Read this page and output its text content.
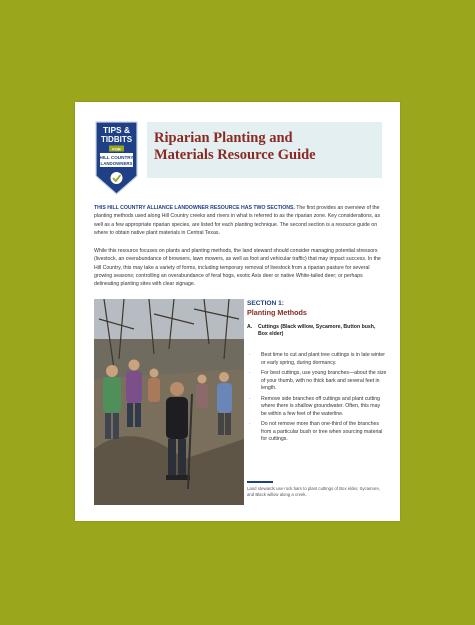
TIPS &
TIDBITS
FOR
HILL COUNTRY
LANDOWNERS
Riparian Planting and
Materials Resource Guide
THIS HILL COUNTRY ALLIANCE LANDOWNER RESOURCE HAS TWO SECTIONS. The first provides an overview of the planting methods used along Hill Country creeks and rivers in what is referred to as the riparian zone. Key considerations, as well as a few appropriate riparian species, are listed for each planting technique. The second section is a resource guide on where to obtain native plant materials in Central Texas.
While this resource focuses on plants and planting methods, the land steward should consider managing potential stressors (livestock, an overabundance of browsers, lawn mowers, as well as foot and vehicular traffic) that may impact success. In the Hill Country, this may take a variety of forms, including temporary removal of livestock from a riparian pasture for several growing seasons; controlling an overabundance of feral hogs, exotic Axis deer or native White-tailed deer; or perhaps delineating planting sites with clear signage.
SECTION 1:
Planting Methods
A. Cuttings (Black willow, Sycamore, Button bush, Box elder)
· Best time to cut and plant tree cuttings is in late winter or early spring, during dormancy.
· For best cuttings, use young branches—about the size of your thumb, with no thick bark and several feet in length.
· Remove side branches off cuttings and plant cutting where there is shallow groundwater. Often, this may be within a few feet of the waterline.
· Do not remove more than one-third of the branches from a particular bush or tree when sourcing material for cuttings.
Land stewards use rock bars to plant cuttings of Box elder, Sycamore, and Black willow along a creek.
